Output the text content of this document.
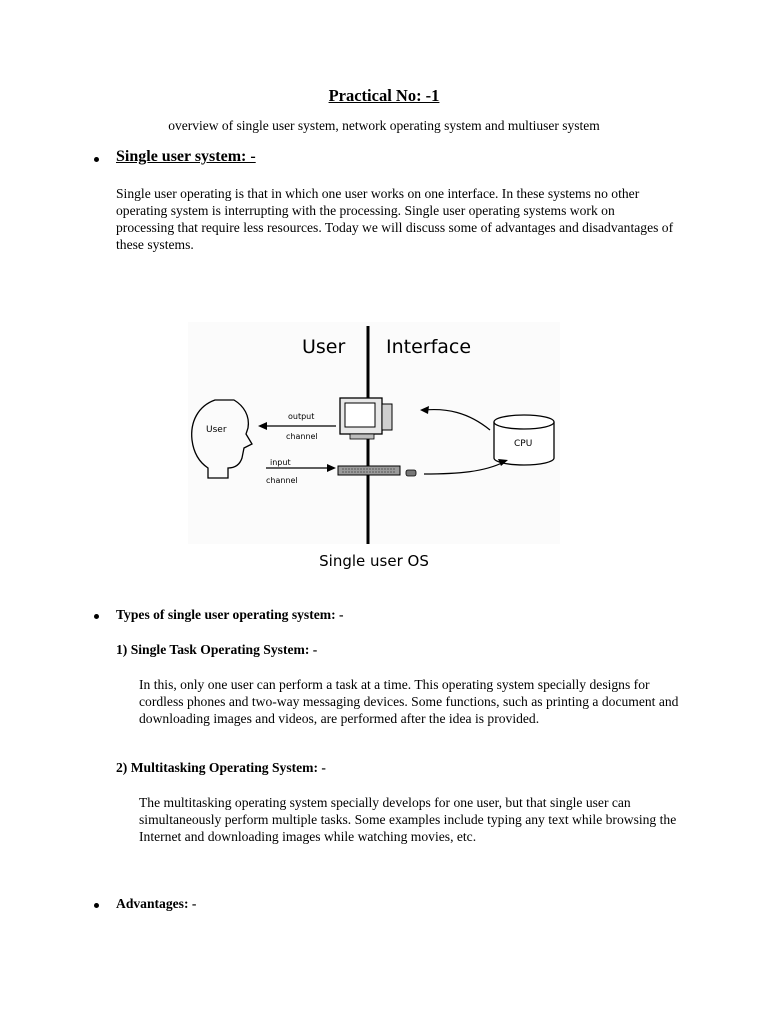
Practical No: -1
overview of single user system, network operating system and multiuser system
Single user system: -
Single user operating is that in which one user works on one interface. In these systems no other operating system is interrupting with the processing. Single user operating systems work on processing that require less resources. Today we will discuss some of advantages and disadvantages of these systems.
User Interface
User
output
channel
input
channel
CPU
Single user OS
Types of single user operating system: -
1) Single Task Operating System: -
In this, only one user can perform a task at a time. This operating system specially designs for cordless phones and two-way messaging devices. Some functions, such as printing a document and downloading images and videos, are performed after the idea is provided.
2) Multitasking Operating System: -
The multitasking operating system specially develops for one user, but that single user can simultaneously perform multiple tasks. Some examples include typing any text while browsing the Internet and downloading images while watching movies, etc.
Advantages: -
